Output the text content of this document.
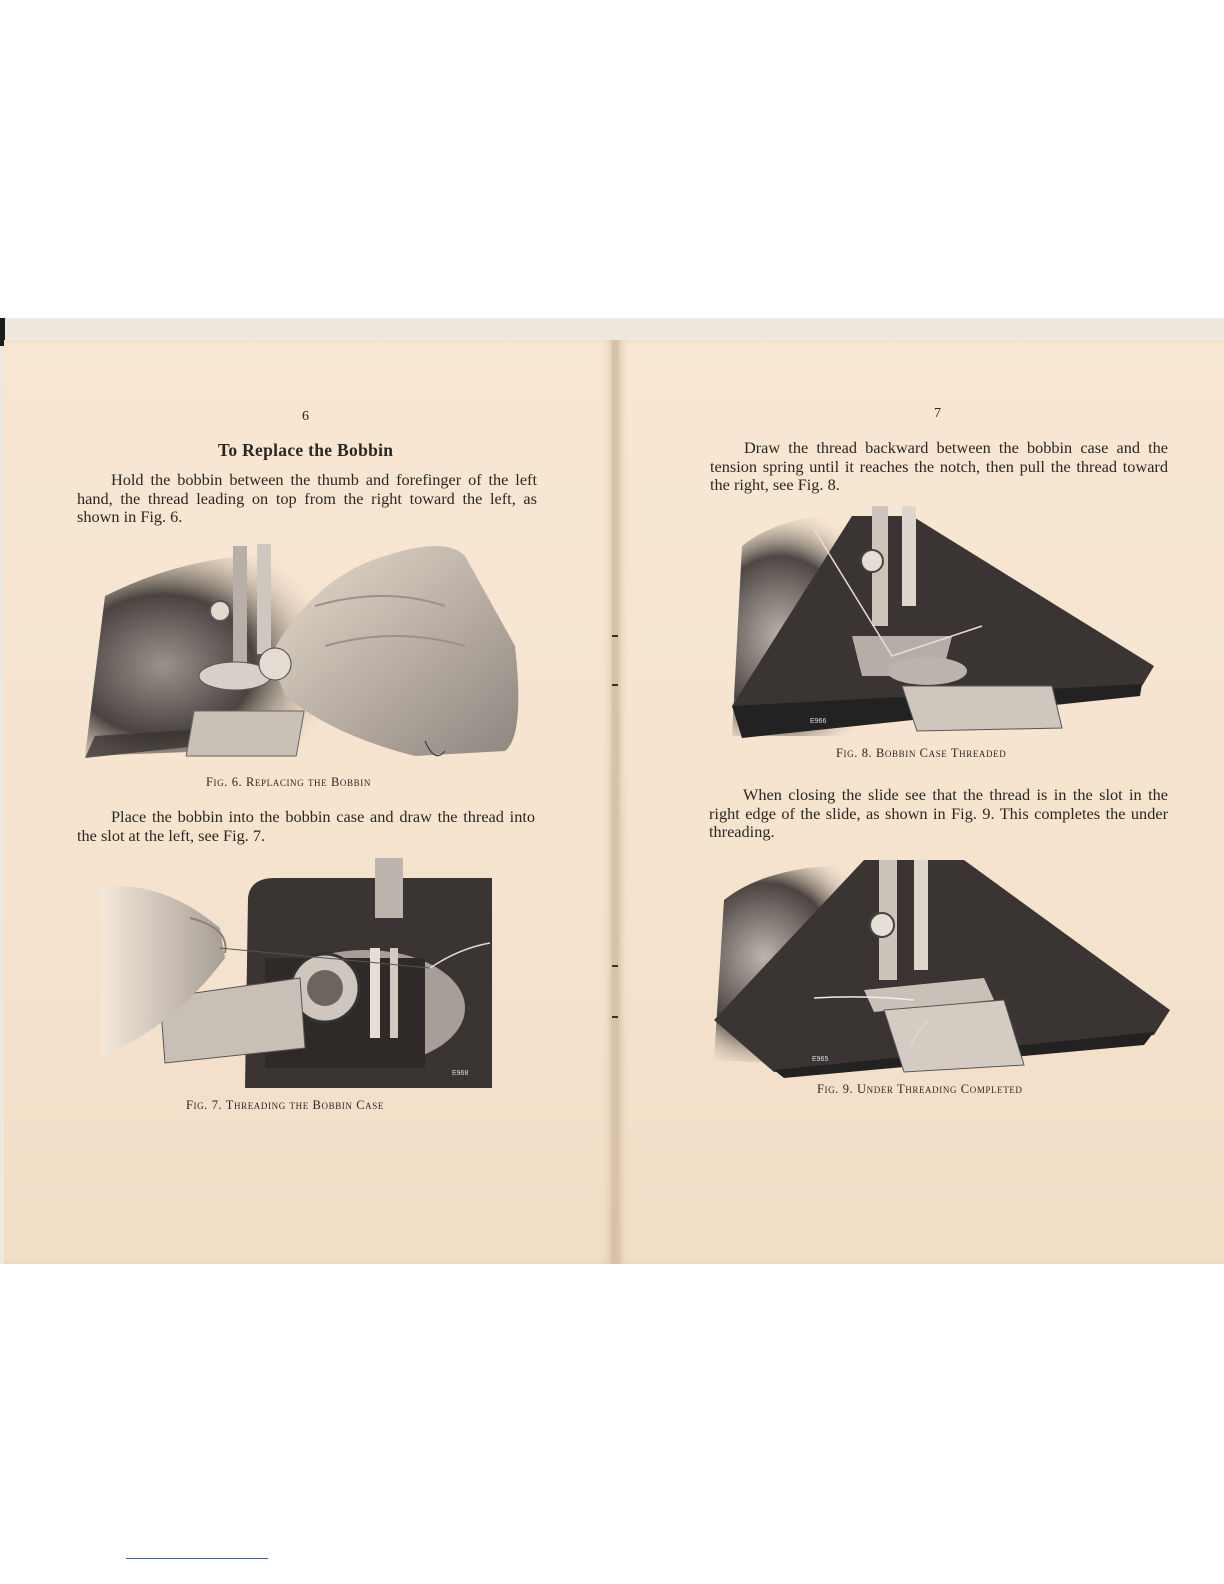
6
To Replace the Bobbin
Hold the bobbin between the thumb and forefinger of the left hand, the thread leading on top from the right toward the left, as shown in Fig. 6.
Fig. 6. Replacing the Bobbin
Place the bobbin into the bobbin case and draw the thread into the slot at the left, see Fig. 7.
E968
Fig. 7. Threading the Bobbin Case
7
Draw the thread backward between the bobbin case and the tension spring until it reaches the notch, then pull the thread toward the right, see Fig. 8.
E966
Fig. 8. Bobbin Case Threaded
When closing the slide see that the thread is in the slot in the right edge of the slide, as shown in Fig. 9. This completes the under threading.
E965
Fig. 9. Under Threading Completed
